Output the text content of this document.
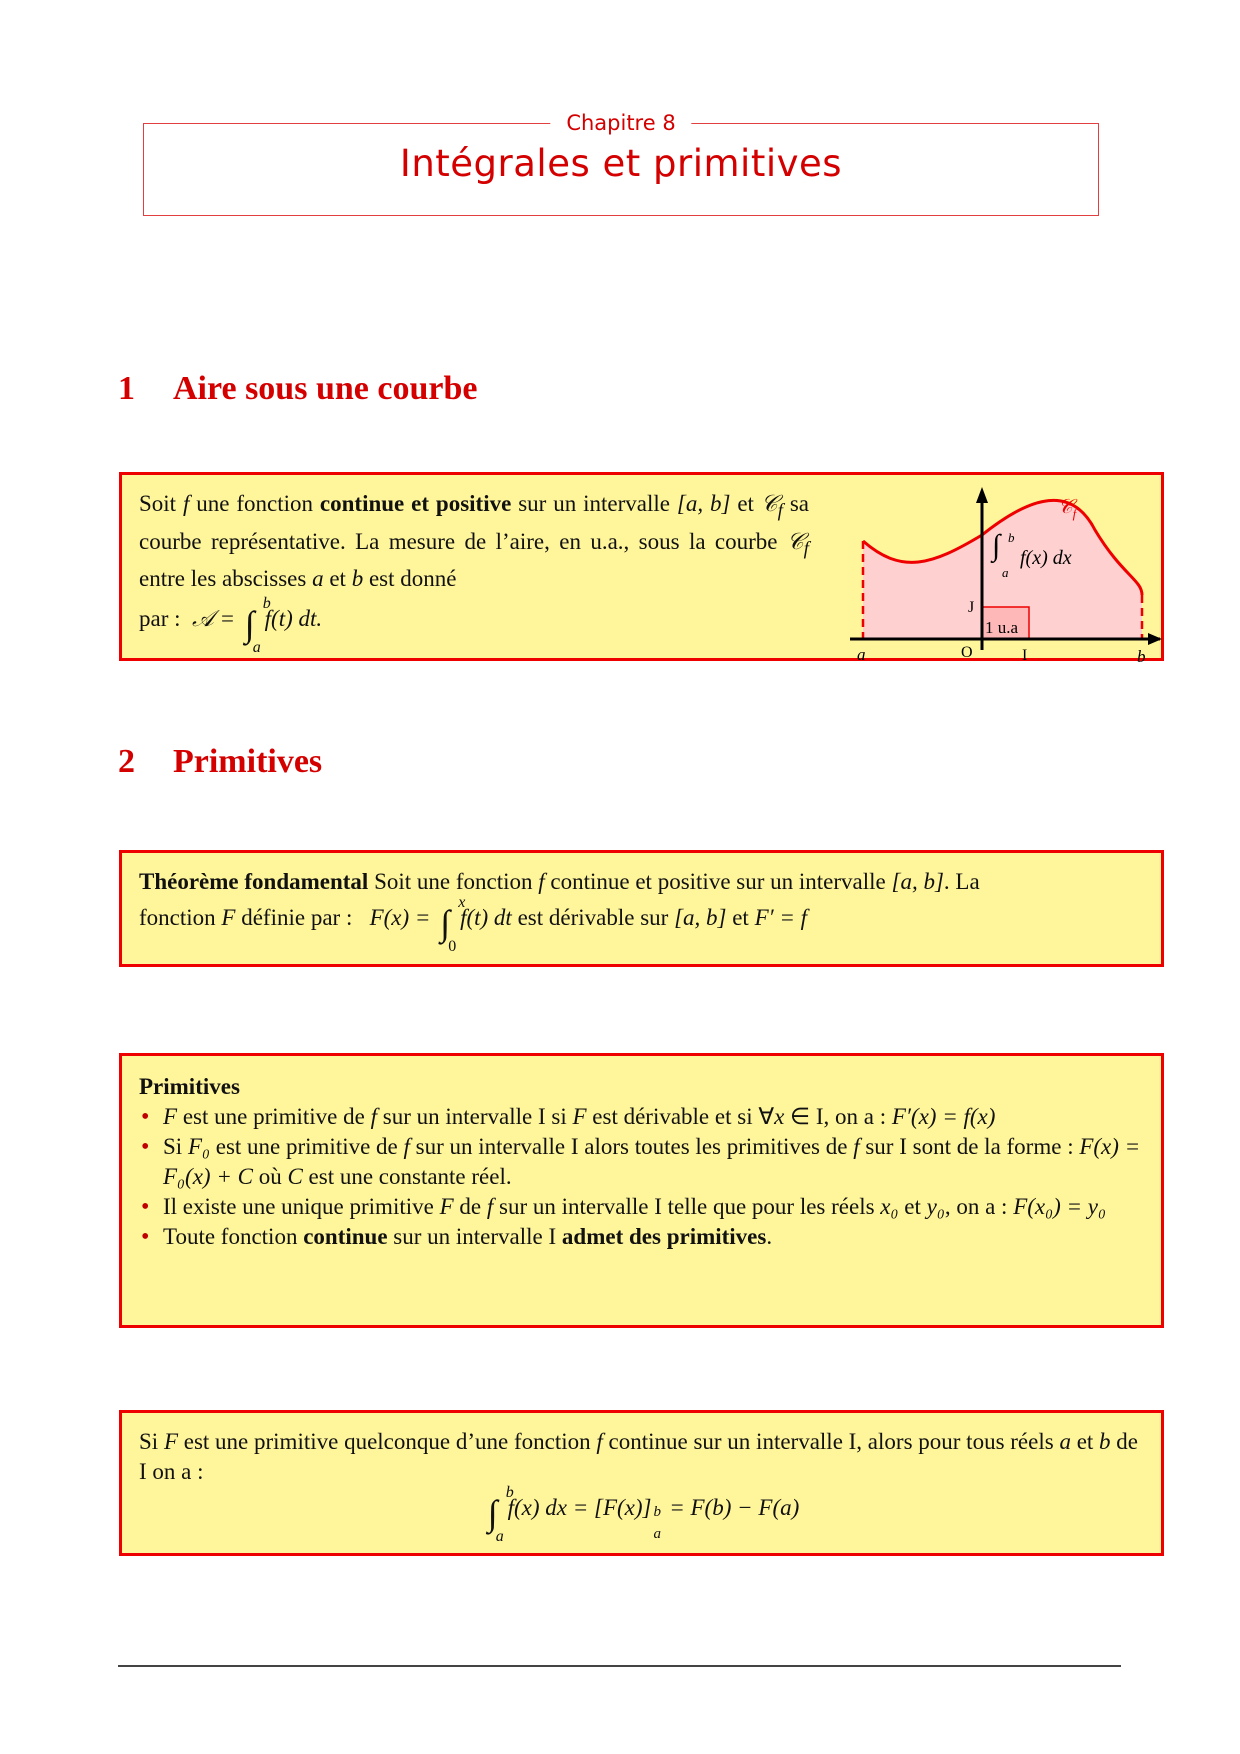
Chapitre 8
Intégrales et primitives
1 Aire sous une courbe
Soit f une fonction continue et positive sur un intervalle [a, b] et 𝒞$_f$ sa courbe représentative. La mesure de l’aire, en u.a., sous la courbe 𝒞$_f$ entre les abscisses a et b est donné
par : 𝒜 = ∫
b
a
f(t) dt.
𝒞$_f$
∫ b
a
f(x) dx
1 u.a
J
a	O	I	b
2 Primitives
Théorème fondamental Soit une fonction f continue et positive sur un intervalle [a, b]. La
fonction F définie par : F(x) = ∫
x
0
f(t) dt est dérivable sur [a, b] et F′ = f
Primitives
• F est une primitive de f sur un intervalle I si F est dérivable et si ∀x ∈ I, on a : F′(x) = f(x)
• Si F₀ est une primitive de f sur un intervalle I alors toutes les primitives de f sur I sont de la forme : F(x) = F₀(x) + C où C est une constante réel.
• Il existe une unique primitive F de f sur un intervalle I telle que pour les réels x₀ et y₀, on a : F(x₀) = y₀
• Toute fonction continue sur un intervalle I admet des primitives.
Si F est une primitive quelconque d’une fonction f continue sur un intervalle I, alors pour tous réels a et b de I on a :
∫
b
a
f(x) dx = [F(x)] b
a
= F(b) − F(a)
